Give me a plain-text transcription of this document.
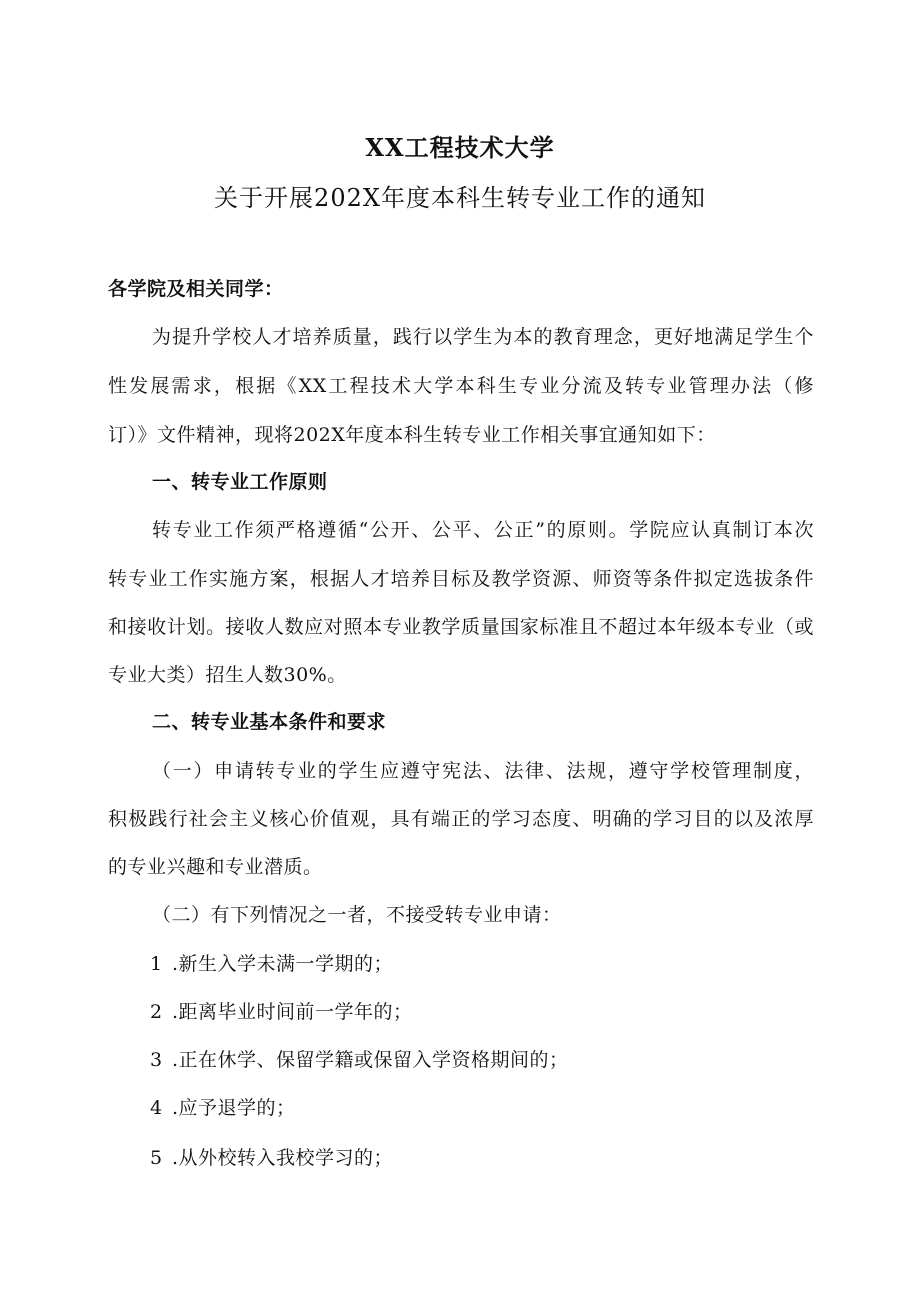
XX工程技术大学
关于开展202X年度本科生转专业工作的通知
各学院及相关同学：
为提升学校人才培养质量，践行以学生为本的教育理念，更好地满足学生个
性发展需求，根据《XX工程技术大学本科生专业分流及转专业管理办法（修
订）》文件精神，现将202X年度本科生转专业工作相关事宜通知如下：
一、转专业工作原则
转专业工作须严格遵循“公开、公平、公正”的原则。学院应认真制订本次
转专业工作实施方案，根据人才培养目标及教学资源、师资等条件拟定选拔条件
和接收计划。接收人数应对照本专业教学质量国家标准且不超过本年级本专业（或
专业大类）招生人数30%。
二、转专业基本条件和要求
（一）申请转专业的学生应遵守宪法、法律、法规，遵守学校管理制度，
积极践行社会主义核心价值观，具有端正的学习态度、明确的学习目的以及浓厚
的专业兴趣和专业潜质。
（二）有下列情况之一者，不接受转专业申请：
1 .新生入学未满一学期的；
2 .距离毕业时间前一学年的；
3 .正在休学、保留学籍或保留入学资格期间的；
4 .应予退学的；
5 .从外校转入我校学习的；
